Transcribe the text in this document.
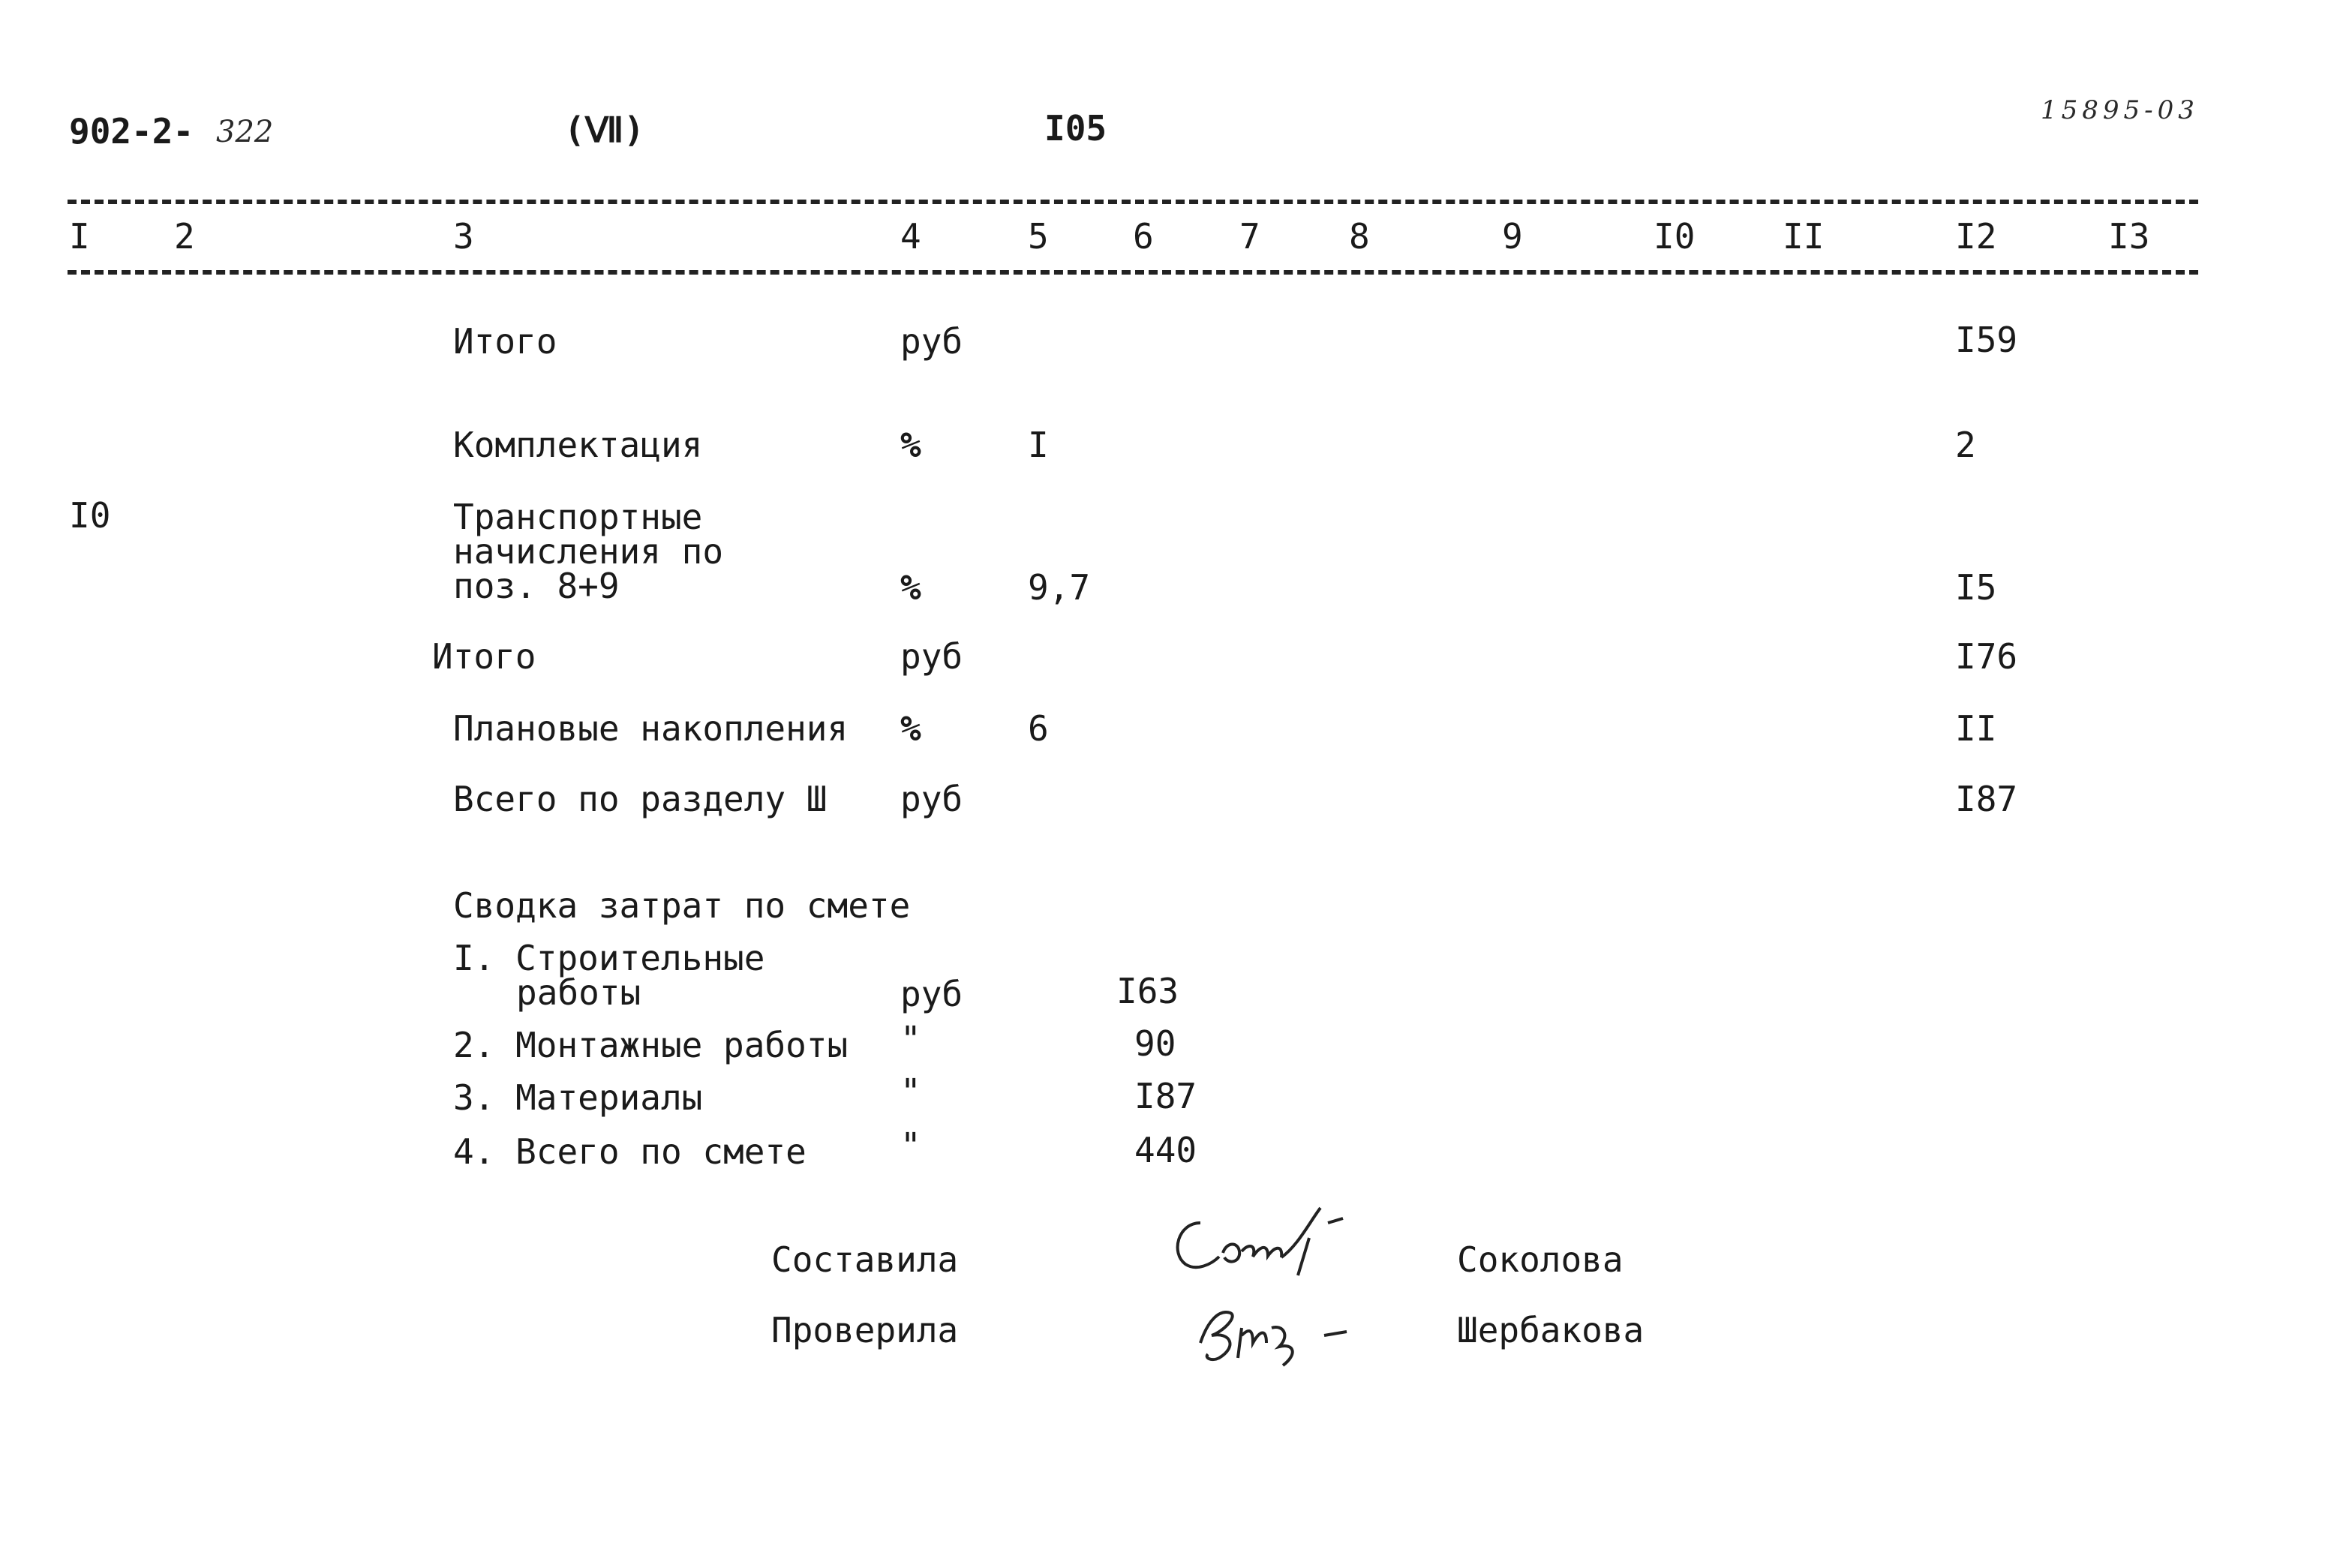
902-2- 322	(Ⅶ)	I05	15895-03
I 2	3	4	5 6 7	8	9	I0	II	I2	I3
Итого	руб	I59
Комплектация	%	I	2
I0	Транспортные
начисления по
поз. 8+9	%	9,7	I5
Итого	руб	I76
Плановые накопления %	6	II
Всего по разделу Ш руб	I87
Сводка затрат по смете
I. Строительные
работы	руб	I63
2. Монтажные работы "	90
3. Материалы	"	I87
4. Всего по смете	"	440
Составила	Соколова
Проверила	Шербакова
